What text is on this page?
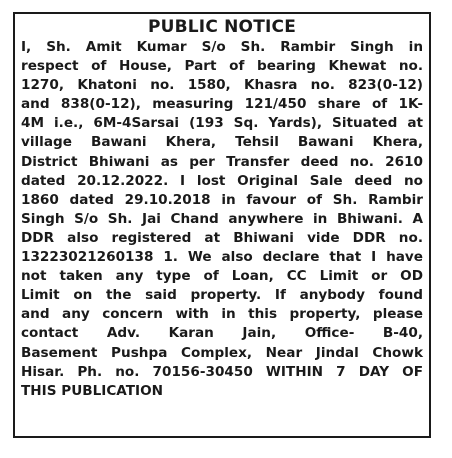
PUBLIC NOTICE
I, Sh. Amit Kumar S/o Sh. Rambir Singh in
respect of House, Part of bearing Khewat no.
1270, Khatoni no. 1580, Khasra no. 823(0-12)
and 838(0-12), measuring 121/450 share of 1K-
4M i.e., 6M-4Sarsai (193 Sq. Yards), Situated at
village Bawani Khera, Tehsil Bawani Khera,
District Bhiwani as per Transfer deed no. 2610
dated 20.12.2022. I lost Original Sale deed no
1860 dated 29.10.2018 in favour of Sh. Rambir
Singh S/o Sh. Jai Chand anywhere in Bhiwani. A
DDR also registered at Bhiwani vide DDR no.
13223021260138 1. We also declare that I have
not taken any type of Loan, CC Limit or OD
Limit on the said property. If anybody found
and any concern with in this property, please
contact Adv. Karan Jain, Office- B-40,
Basement Pushpa Complex, Near Jindal Chowk
Hisar. Ph. no. 70156-30450 WITHIN 7 DAY OF
THIS PUBLICATION
